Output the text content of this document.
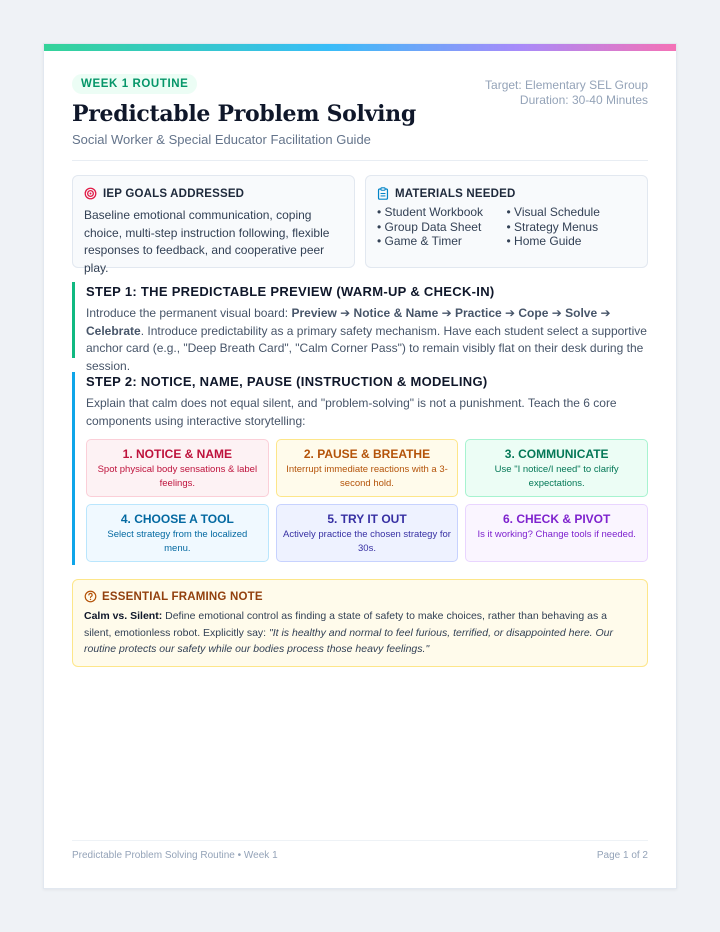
WEEK 1 ROUTINE
Predictable Problem Solving
Social Worker & Special Educator Facilitation Guide
Target: Elementary SEL Group
Duration: 30-40 Minutes
IEP GOALS ADDRESSED
Baseline emotional communication, coping choice, multi-step instruction following, flexible responses to feedback, and cooperative peer play.
MATERIALS NEEDED
• Student Workbook	• Visual Schedule
• Group Data Sheet	• Strategy Menus
• Game & Timer	• Home Guide
STEP 1: THE PREDICTABLE PREVIEW (WARM-UP & CHECK-IN)

Introduce the permanent visual board: Preview ➔ Notice & Name ➔ Practice ➔ Cope ➔ Solve ➔ Celebrate. Introduce predictability as a primary safety mechanism. Have each student select a supportive anchor card (e.g., "Deep Breath Card", "Calm Corner Pass") to remain visibly flat on their desk during the session.

STEP 2: NOTICE, NAME, PAUSE (INSTRUCTION & MODELING)

Explain that calm does not equal silent, and "problem-solving" is not a punishment. Teach the 6 core components using interactive storytelling:

1. NOTICE & NAME

Spot physical body sensations & label feelings.

2. PAUSE & BREATHE

Interrupt immediate reactions with a 3-second hold.

3. COMMUNICATE

Use "I notice/I need" to clarify expectations.

4. CHOOSE A TOOL

Select strategy from the localized menu.

5. TRY IT OUT

Actively practice the chosen strategy for 30s.

6. CHECK & PIVOT

Is it working? Change tools if needed.

ESSENTIAL FRAMING NOTE

Calm vs. Silent: Define emotional control as finding a state of safety to make choices, rather than behaving as a silent, emotionless robot. Explicitly say: "It is healthy and normal to feel furious, terrified, or disappointed here. Our routine protects our safety while our bodies process those heavy feelings."

Predictable Problem Solving Routine • Week 1	Page 1 of 2
